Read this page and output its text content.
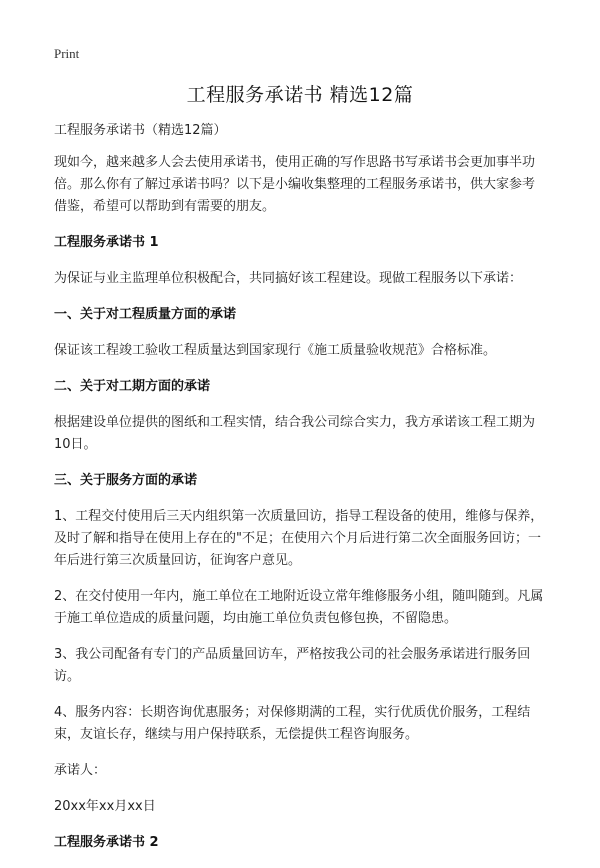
Print
工程服务承诺书 精选12篇

工程服务承诺书（精选12篇）

现如今，越来越多人会去使用承诺书，使用正确的写作思路书写承诺书会更加事半功倍。那么你有了解过承诺书吗？以下是小编收集整理的工程服务承诺书，供大家参考借鉴，希望可以帮助到有需要的朋友。

工程服务承诺书 1

为保证与业主监理单位积极配合，共同搞好该工程建设。现做工程服务以下承诺：

一、关于对工程质量方面的承诺

保证该工程竣工验收工程质量达到国家现行《施工质量验收规范》合格标准。

二、关于对工期方面的承诺

根据建设单位提供的图纸和工程实情，结合我公司综合实力，我方承诺该工程工期为10日。

三、关于服务方面的承诺

1、工程交付使用后三天内组织第一次质量回访，指导工程设备的使用，维修与保养，及时了解和指导在使用上存在的"不足；在使用六个月后进行第二次全面服务回访；一年后进行第三次质量回访，征询客户意见。

2、在交付使用一年内，施工单位在工地附近设立常年维修服务小组，随叫随到。凡属于施工单位造成的质量问题，均由施工单位负责包修包换，不留隐患。

3、我公司配备有专门的产品质量回访车，严格按我公司的社会服务承诺进行服务回访。

4、服务内容：长期咨询优惠服务；对保修期满的工程，实行优质优价服务，工程结束，友谊长存，继续与用户保持联系，无偿提供工程咨询服务。

承诺人：

20xx年xx月xx日

工程服务承诺书 2
